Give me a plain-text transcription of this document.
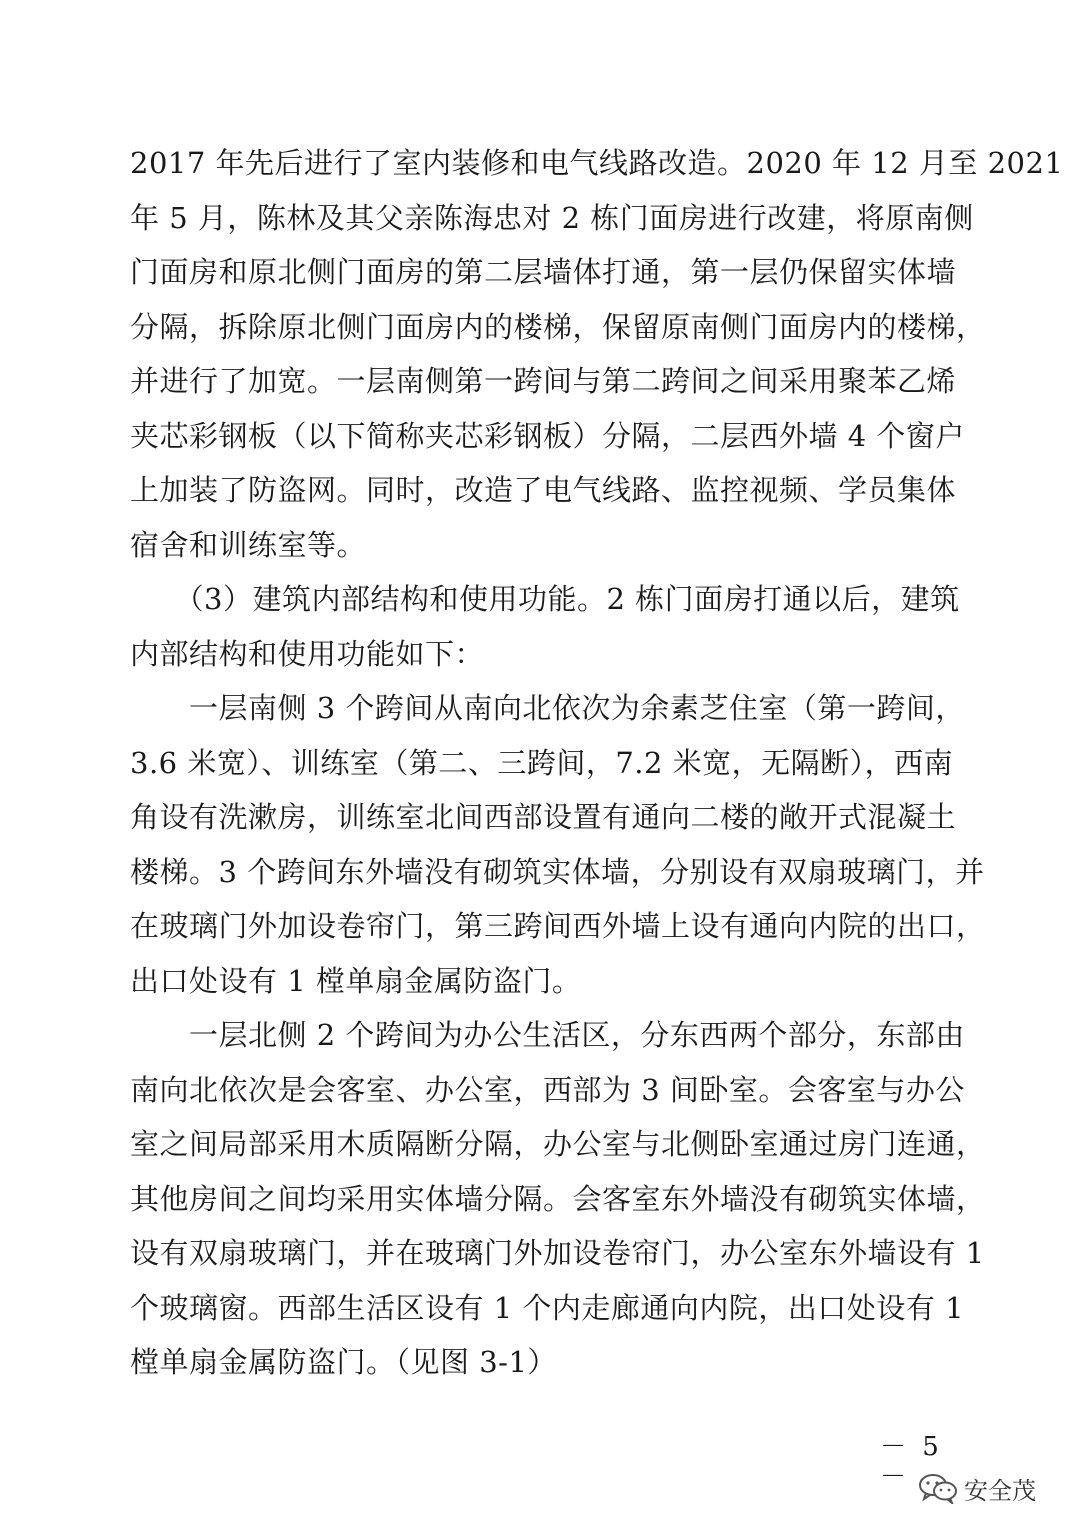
2017 年先后进行了室内装修和电气线路改造。2020 年 12 月至 2021
年 5 月，陈林及其父亲陈海忠对 2 栋门面房进行改建，将原南侧
门面房和原北侧门面房的第二层墙体打通，第一层仍保留实体墙
分隔，拆除原北侧门面房内的楼梯，保留原南侧门面房内的楼梯，
并进行了加宽。一层南侧第一跨间与第二跨间之间采用聚苯乙烯
夹芯彩钢板（以下简称夹芯彩钢板）分隔，二层西外墙 4 个窗户
上加装了防盗网。同时，改造了电气线路、监控视频、学员集体
宿舍和训练室等。
　　（3）建筑内部结构和使用功能。2 栋门面房打通以后，建筑
内部结构和使用功能如下：
　　一层南侧 3 个跨间从南向北依次为余素芝住室（第一跨间，
3.6 米宽）、训练室（第二、三跨间，7.2 米宽，无隔断），西南
角设有洗漱房，训练室北间西部设置有通向二楼的敞开式混凝土
楼梯。3 个跨间东外墙没有砌筑实体墙，分别设有双扇玻璃门，并
在玻璃门外加设卷帘门，第三跨间西外墙上设有通向内院的出口，
出口处设有 1 樘单扇金属防盗门。
　　一层北侧 2 个跨间为办公生活区，分东西两个部分，东部由
南向北依次是会客室、办公室，西部为 3 间卧室。会客室与办公
室之间局部采用木质隔断分隔，办公室与北侧卧室通过房门连通，
其他房间之间均采用实体墙分隔。会客室东外墙没有砌筑实体墙，
设有双扇玻璃门，并在玻璃门外加设卷帘门，办公室东外墙设有 1
个玻璃窗。西部生活区设有 1 个内走廊通向内院，出口处设有 1
樘单扇金属防盗门。（见图 3-1）
－ 5 －	安全茂
